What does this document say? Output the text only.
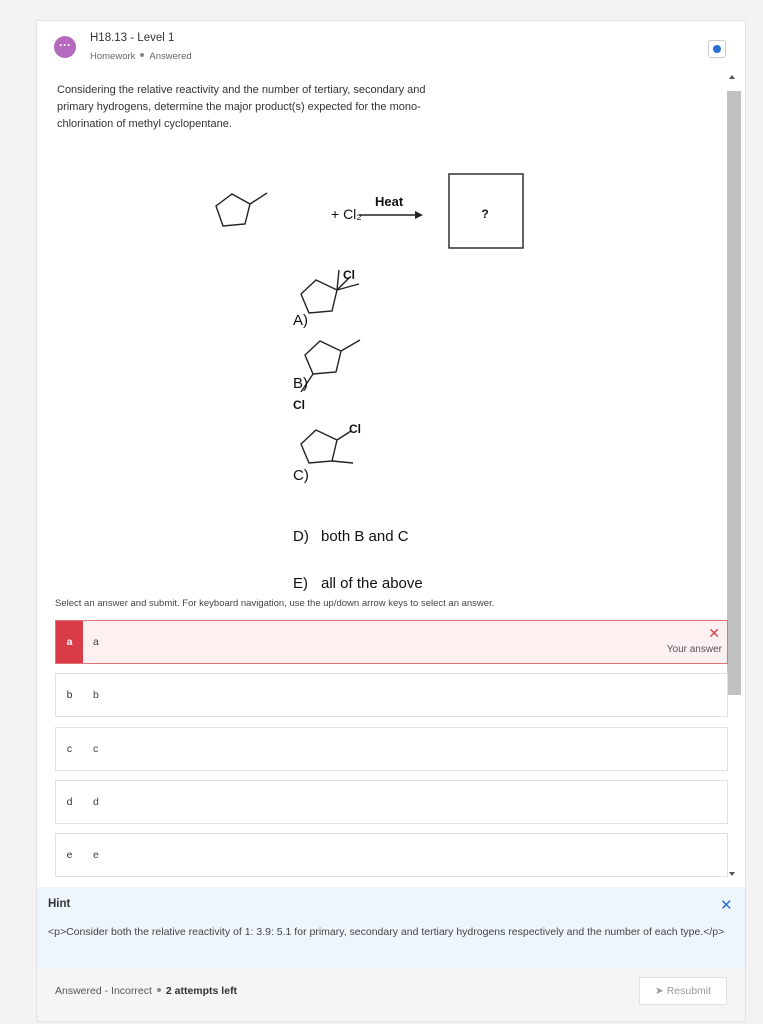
···	H18.13 - Level 1
Homework Answered
Considering the relative reactivity and the number of tertiary, secondary and primary hydrogens, determine the major product(s) expected for the mono-chlorination of methyl cyclopentane.
+ Cl₂
Heat
?
A)
Cl
B)
Cl
C)
Cl
D) both B and C
E) all of the above
Select an answer and submit. For keyboard navigation, use the up/down arrow keys to select an answer.
a	a
✕
Your answer
b	b
c	c
d	d
e	e
Hint	✕
<p>Consider both the relative reactivity of 1: 3.9: 5.1 for primary, secondary and tertiary hydrogens respectively and the number of each type.</p>
Answered - Incorrect 2 attempts left	➤ Resubmit
